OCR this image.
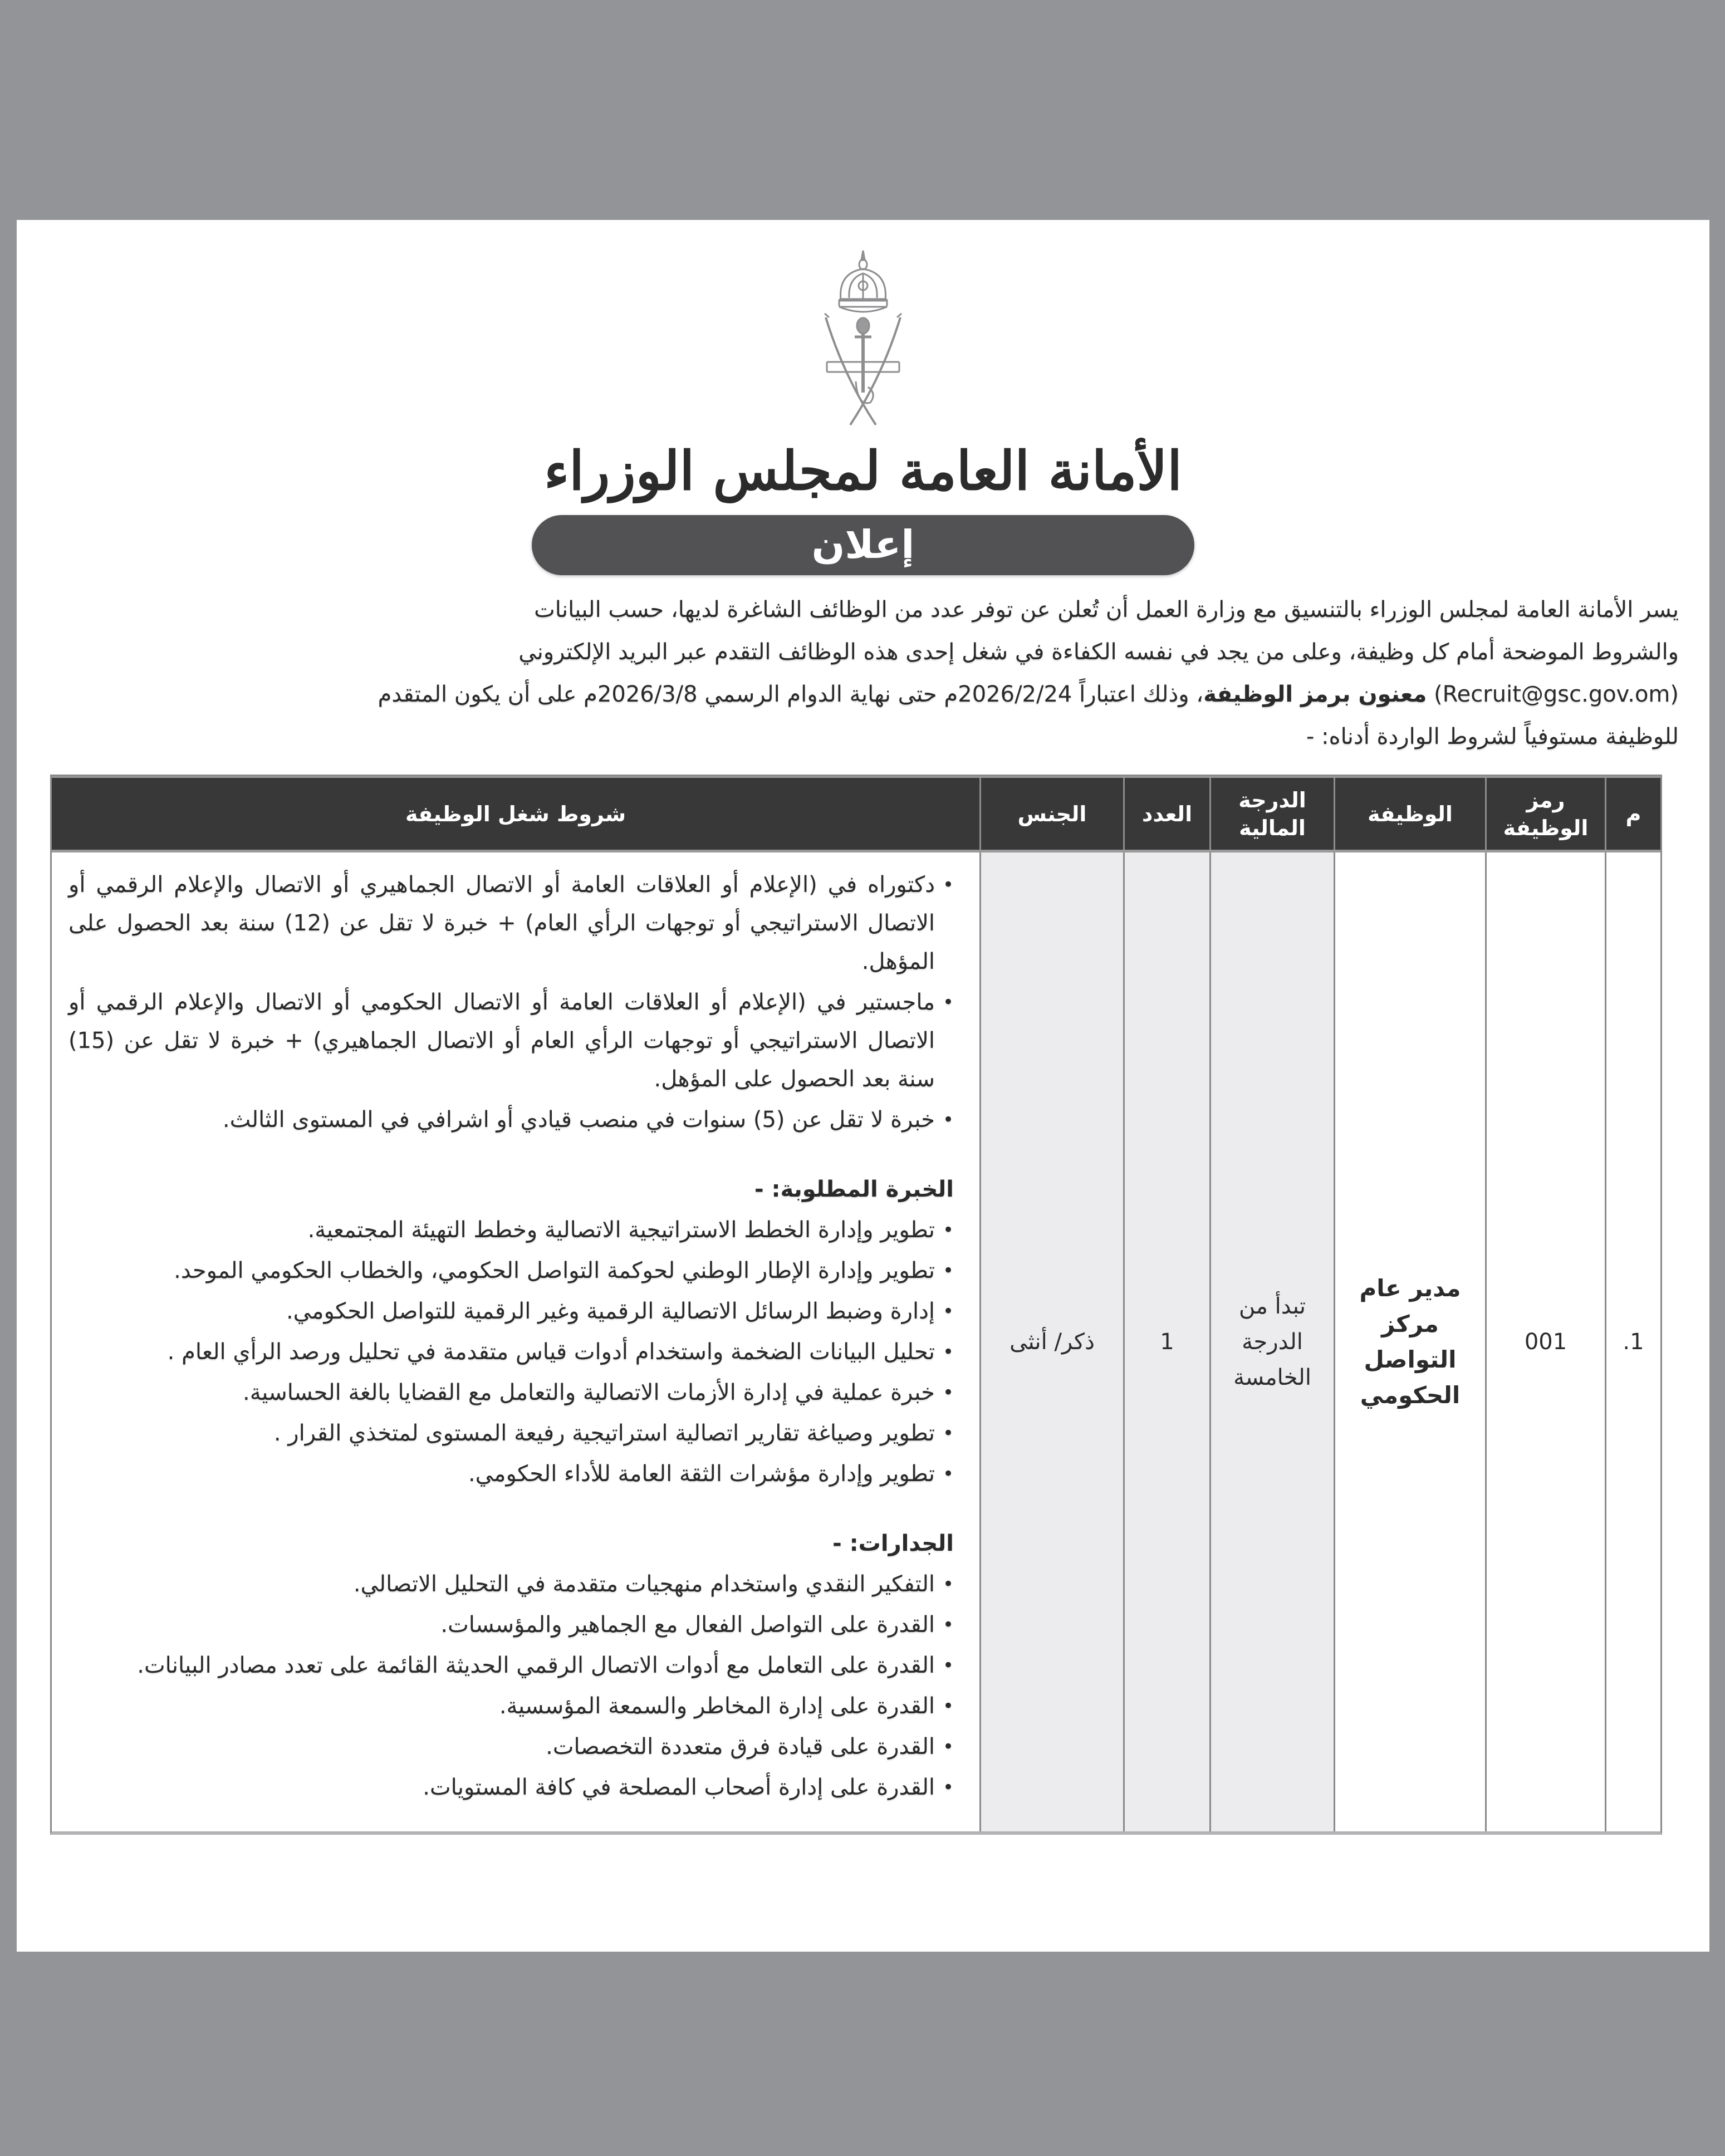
الأمانة العامة لمجلس الوزراء
إعلان
يسر الأمانة العامة لمجلس الوزراء بالتنسيق مع وزارة العمل أن تُعلن عن توفر عدد من الوظائف الشاغرة لديها، حسب البيانات
والشروط الموضحة أمام كل وظيفة، وعلى من يجد في نفسه الكفاءة في شغل إحدى هذه الوظائف التقدم عبر البريد الإلكتروني
(Recruit@gsc.gov.om) معنون برمز الوظيفة، وذلك اعتباراً 2026/2/24م حتى نهاية الدوام الرسمي 2026/3/8م على أن يكون المتقدم
للوظيفة مستوفياً لشروط الواردة أدناه: -
م
رمز الوظيفة
الوظيفة
الدرجة المالية
العدد
الجنس
شروط شغل الوظيفة
1.
001
مدير عام مركز التواصل الحكومي
تبدأ من الدرجة الخامسة
1
ذكر/ أنثى
• دكتوراه في (الإعلام أو العلاقات العامة أو الاتصال الجماهيري أو الاتصال والإعلام الرقمي أو الاتصال الاستراتيجي أو توجهات الرأي العام) + خبرة لا تقل عن (12) سنة بعد الحصول على المؤهل.
• ماجستير في (الإعلام أو العلاقات العامة أو الاتصال الحكومي أو الاتصال والإعلام الرقمي أو الاتصال الاستراتيجي أو توجهات الرأي العام أو الاتصال الجماهيري) + خبرة لا تقل عن (15) سنة بعد الحصول على المؤهل.
• خبرة لا تقل عن (5) سنوات في منصب قيادي أو اشرافي في المستوى الثالث.
الخبرة المطلوبة: -
• تطوير وإدارة الخطط الاستراتيجية الاتصالية وخطط التهيئة المجتمعية.
• تطوير وإدارة الإطار الوطني لحوكمة التواصل الحكومي، والخطاب الحكومي الموحد.
• إدارة وضبط الرسائل الاتصالية الرقمية وغير الرقمية للتواصل الحكومي.
• تحليل البيانات الضخمة واستخدام أدوات قياس متقدمة في تحليل ورصد الرأي العام .
• خبرة عملية في إدارة الأزمات الاتصالية والتعامل مع القضايا بالغة الحساسية.
• تطوير وصياغة تقارير اتصالية استراتيجية رفيعة المستوى لمتخذي القرار .
• تطوير وإدارة مؤشرات الثقة العامة للأداء الحكومي.
الجدارات: -
• التفكير النقدي واستخدام منهجيات متقدمة في التحليل الاتصالي.
• القدرة على التواصل الفعال مع الجماهير والمؤسسات.
• القدرة على التعامل مع أدوات الاتصال الرقمي الحديثة القائمة على تعدد مصادر البيانات.
• القدرة على إدارة المخاطر والسمعة المؤسسية.
• القدرة على قيادة فرق متعددة التخصصات.
• القدرة على إدارة أصحاب المصلحة في كافة المستويات.
